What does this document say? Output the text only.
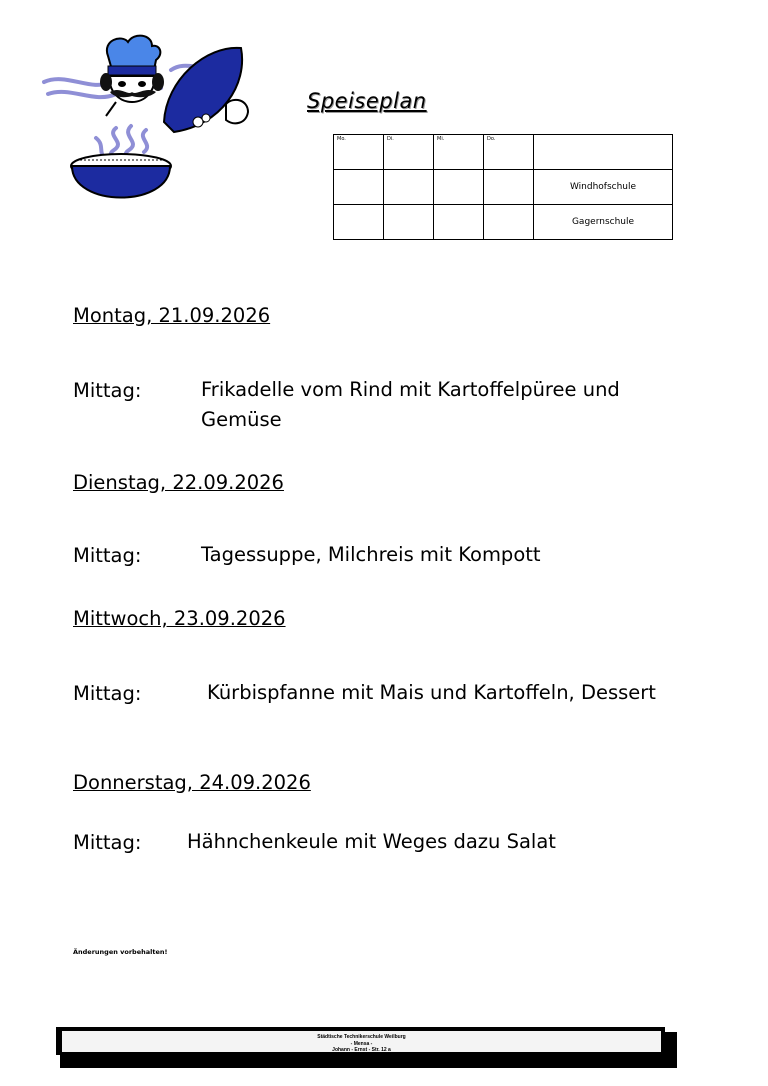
Speiseplan
Mo.	Di.	Mi.	Do.	

				Windhofschule
				Gagernschule
Montag, 21.09.2026
Mittag:	Frikadelle vom Rind mit Kartoffelpüree und
Gemüse
Dienstag, 22.09.2026
Mittag:	Tagessuppe, Milchreis mit Kompott
Mittwoch, 23.09.2026
Mittag:	Kürbispfanne mit Mais und Kartoffeln, Dessert
Donnerstag, 24.09.2026
Mittag: Hähnchenkeule mit Weges dazu Salat
Änderungen vorbehalten!
Städtische Technikerschule Weilburg
- Mensa -
Johann - Ernst - Str. 12 a
